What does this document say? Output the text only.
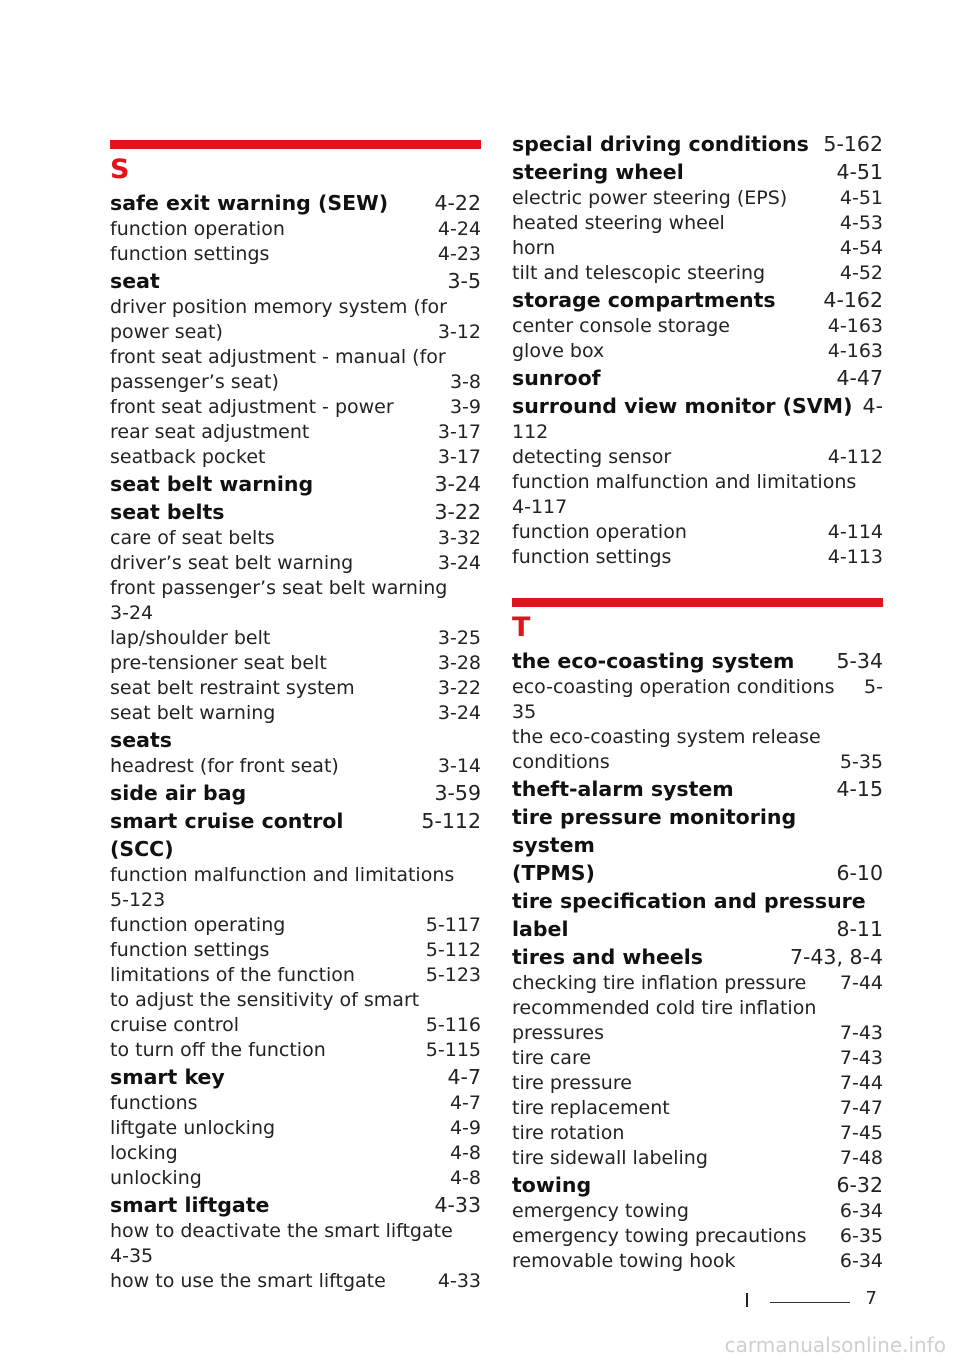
S
safe exit warning (SEW)	4-22
function operation	4-24
function settings	4-23
seat	3-5
driver position memory system (for
power seat)	3-12
front seat adjustment - manual (for
passenger’s seat)	3-8
front seat adjustment - power	3-9
rear seat adjustment	3-17
seatback pocket	3-17
seat belt warning	3-24
seat belts	3-22
care of seat belts	3-32
driver’s seat belt warning	3-24
front passenger’s seat belt warning
3-24
lap/shoulder belt	3-25
pre-tensioner seat belt	3-28
seat belt restraint system	3-22
seat belt warning	3-24
seats
headrest (for front seat)	3-14
side air bag	3-59
smart cruise control (SCC)
5-112
function malfunction and limitations
5-123
function operating	5-117
function settings	5-112
limitations of the function	5-123
to adjust the sensitivity of smart
cruise control	5-116
to turn off the function	5-115
smart key	4-7
functions	4-7
liftgate unlocking	4-9
locking	4-8
unlocking	4-8
smart liftgate	4-33
how to deactivate the smart liftgate
4-35
how to use the smart liftgate	4-33
special driving conditions 5-162
steering wheel	4-51
electric power steering (EPS)	4-51
heated steering wheel	4-53
horn	4-54
tilt and telescopic steering	4-52
storage compartments	4-162
center console storage	4-163
glove box	4-163
sunroof	4-47
surround view monitor (SVM) 4-
112
detecting sensor	4-112
function malfunction and limitations
4-117
function operation	4-114
function settings	4-113
T
the eco-coasting system	5-34
eco-coasting operation conditions	5-
35
the eco-coasting system release
conditions	5-35
theft-alarm system	4-15
tire pressure monitoring system
(TPMS)	6-10
tire specification and pressure
label	8-11
tires and wheels	7-43, 8-4
checking tire inflation pressure	7-44
recommended cold tire inflation
pressures	7-43
tire care	7-43
tire pressure	7-44
tire replacement	7-47
tire rotation	7-45
tire sidewall labeling	7-48
towing	6-32
emergency towing	6-34
emergency towing precautions	6-35
removable towing hook	6-34
7
carmanualsonline.info
